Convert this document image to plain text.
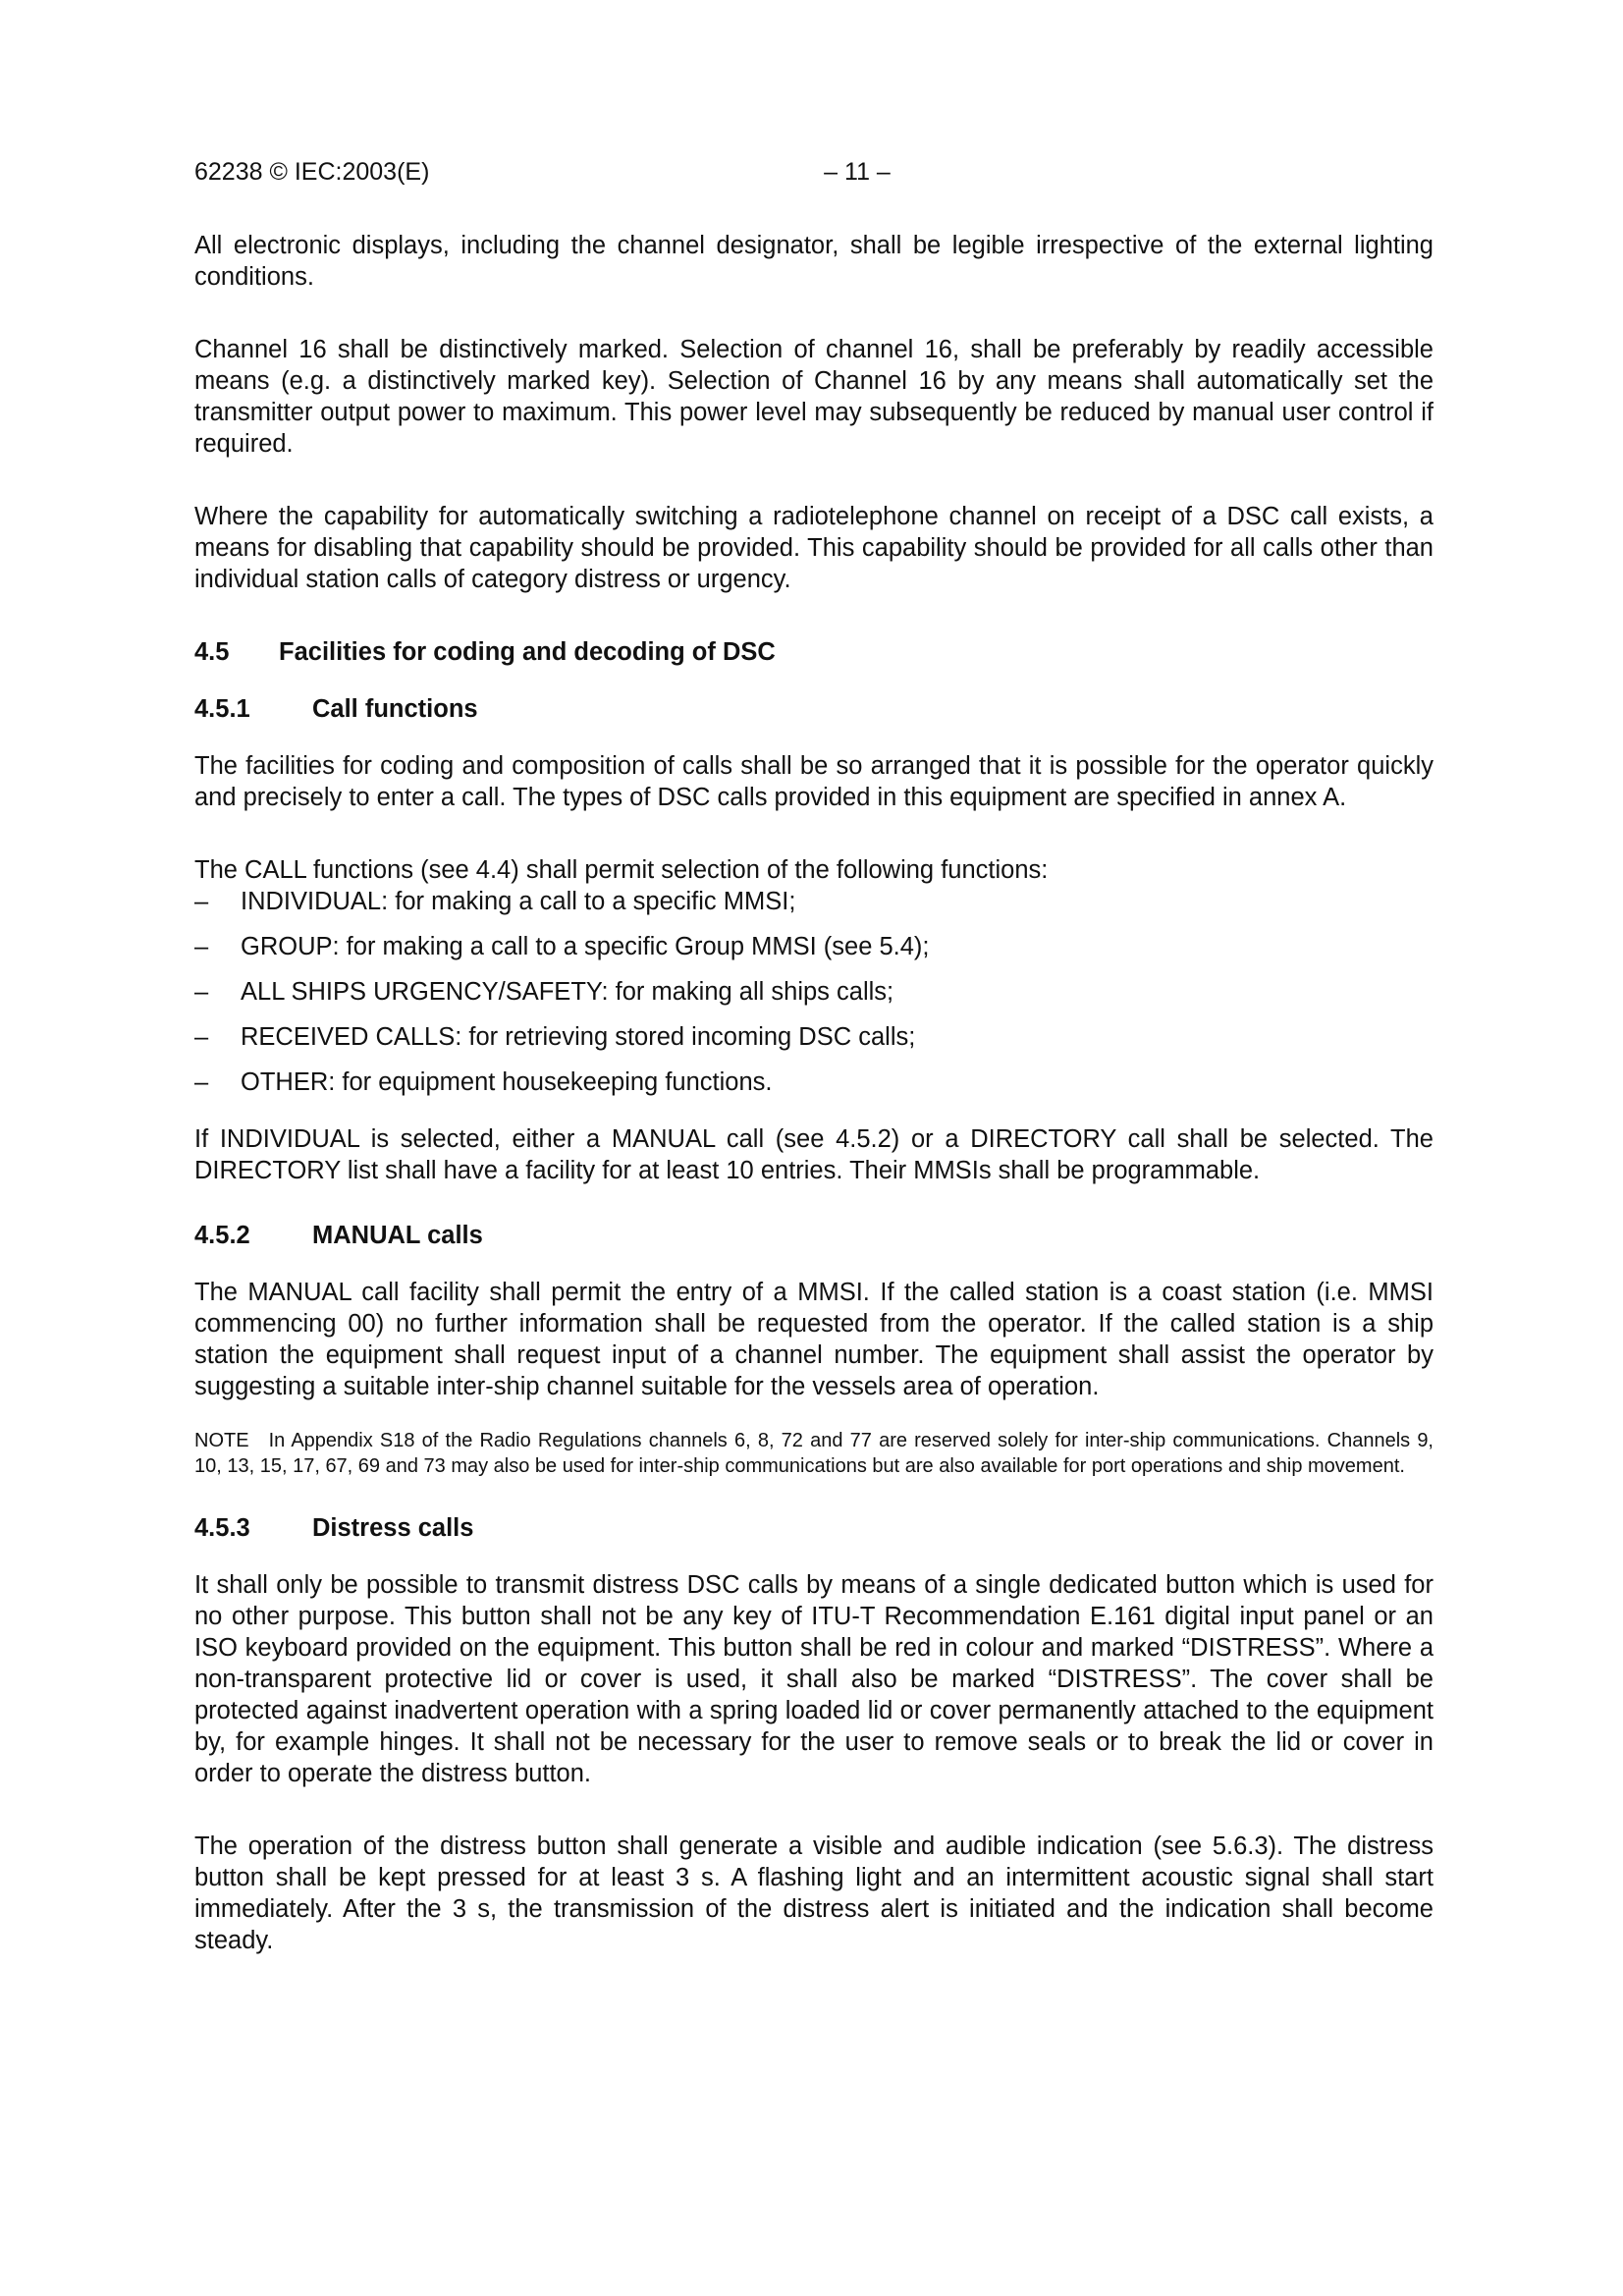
62238 © IEC:2003(E)	– 11 –

All electronic displays, including the channel designator, shall be legible irrespective of the external lighting conditions.

Channel 16 shall be distinctively marked. Selection of channel 16, shall be preferably by readily accessible means (e.g. a distinctively marked key). Selection of Channel 16 by any means shall automatically set the transmitter output power to maximum. This power level may subsequently be reduced by manual user control if required.

Where the capability for automatically switching a radiotelephone channel on receipt of a DSC call exists, a means for disabling that capability should be provided. This capability should be provided for all calls other than individual station calls of category distress or urgency.

4.5	Facilities for coding and decoding of DSC
4.5.1	Call functions

The facilities for coding and composition of calls shall be so arranged that it is possible for the operator quickly and precisely to enter a call. The types of DSC calls provided in this equipment are specified in annex A.

The CALL functions (see 4.4) shall permit selection of the following functions:

–	INDIVIDUAL: for making a call to a specific MMSI;
–	GROUP: for making a call to a specific Group MMSI (see 5.4);
–	ALL SHIPS URGENCY/SAFETY: for making all ships calls;
–	RECEIVED CALLS: for retrieving stored incoming DSC calls;
–	OTHER: for equipment housekeeping functions.

If INDIVIDUAL is selected, either a MANUAL call (see 4.5.2) or a DIRECTORY call shall be selected. The DIRECTORY list shall have a facility for at least 10 entries. Their MMSIs shall be programmable.

4.5.2	MANUAL calls

The MANUAL call facility shall permit the entry of a MMSI. If the called station is a coast station (i.e. MMSI commencing 00) no further information shall be requested from the operator. If the called station is a ship station the equipment shall request input of a channel number. The equipment shall assist the operator by suggesting a suitable inter-ship channel suitable for the vessels area of operation.

NOTE In Appendix S18 of the Radio Regulations channels 6, 8, 72 and 77 are reserved solely for inter-ship communications. Channels 9, 10, 13, 15, 17, 67, 69 and 73 may also be used for inter-ship communications but are also available for port operations and ship movement.

4.5.3	Distress calls

It shall only be possible to transmit distress DSC calls by means of a single dedicated button which is used for no other purpose. This button shall not be any key of ITU-T Recommendation E.161 digital input panel or an ISO keyboard provided on the equipment. This button shall be red in colour and marked “DISTRESS”. Where a non-transparent protective lid or cover is used, it shall also be marked “DISTRESS”. The cover shall be protected against inadvertent operation with a spring loaded lid or cover permanently attached to the equipment by, for example hinges. It shall not be necessary for the user to remove seals or to break the lid or cover in order to operate the distress button.

The operation of the distress button shall generate a visible and audible indication (see 5.6.3). The distress button shall be kept pressed for at least 3 s. A flashing light and an intermittent acoustic signal shall start immediately. After the 3 s, the transmission of the distress alert is initiated and the indication shall become steady.
